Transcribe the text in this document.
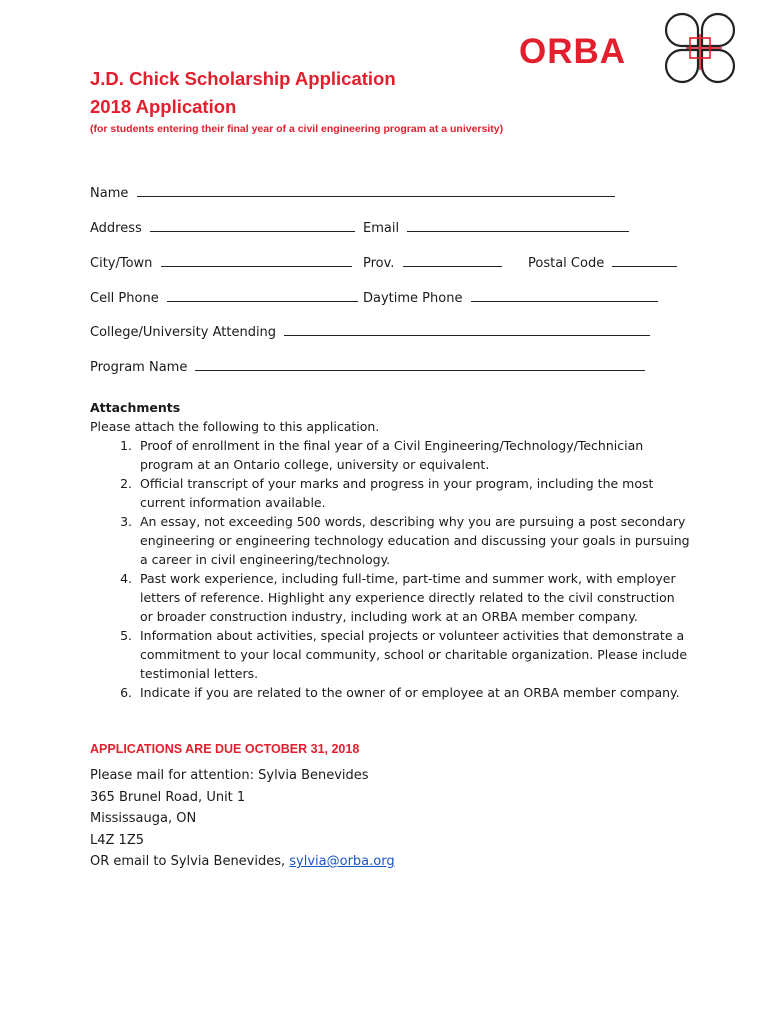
ORBA
J.D. Chick Scholarship Application
2018 Application
(for students entering their final year of a civil engineering program at a university)
Name
Address	Email
City/Town	Prov.	Postal Code
Cell Phone	Daytime Phone
College/University Attending
Program Name
Attachments
Please attach the following to this application.
1. Proof of enrollment in the final year of a Civil Engineering/Technology/Technician program at an Ontario college, university or equivalent.
2. Official transcript of your marks and progress in your program, including the most current information available.
3. An essay, not exceeding 500 words, describing why you are pursuing a post secondary engineering or engineering technology education and discussing your goals in pursuing a career in civil engineering/technology.
4. Past work experience, including full-time, part-time and summer work, with employer letters of reference. Highlight any experience directly related to the civil construction or broader construction industry, including work at an ORBA member company.
5. Information about activities, special projects or volunteer activities that demonstrate a commitment to your local community, school or charitable organization. Please include testimonial letters.
6. Indicate if you are related to the owner of or employee at an ORBA member company.
APPLICATIONS ARE DUE OCTOBER 31, 2018
Please mail for attention: Sylvia Benevides
365 Brunel Road, Unit 1
Mississauga, ON
L4Z 1Z5
OR email to Sylvia Benevides, sylvia@orba.org
